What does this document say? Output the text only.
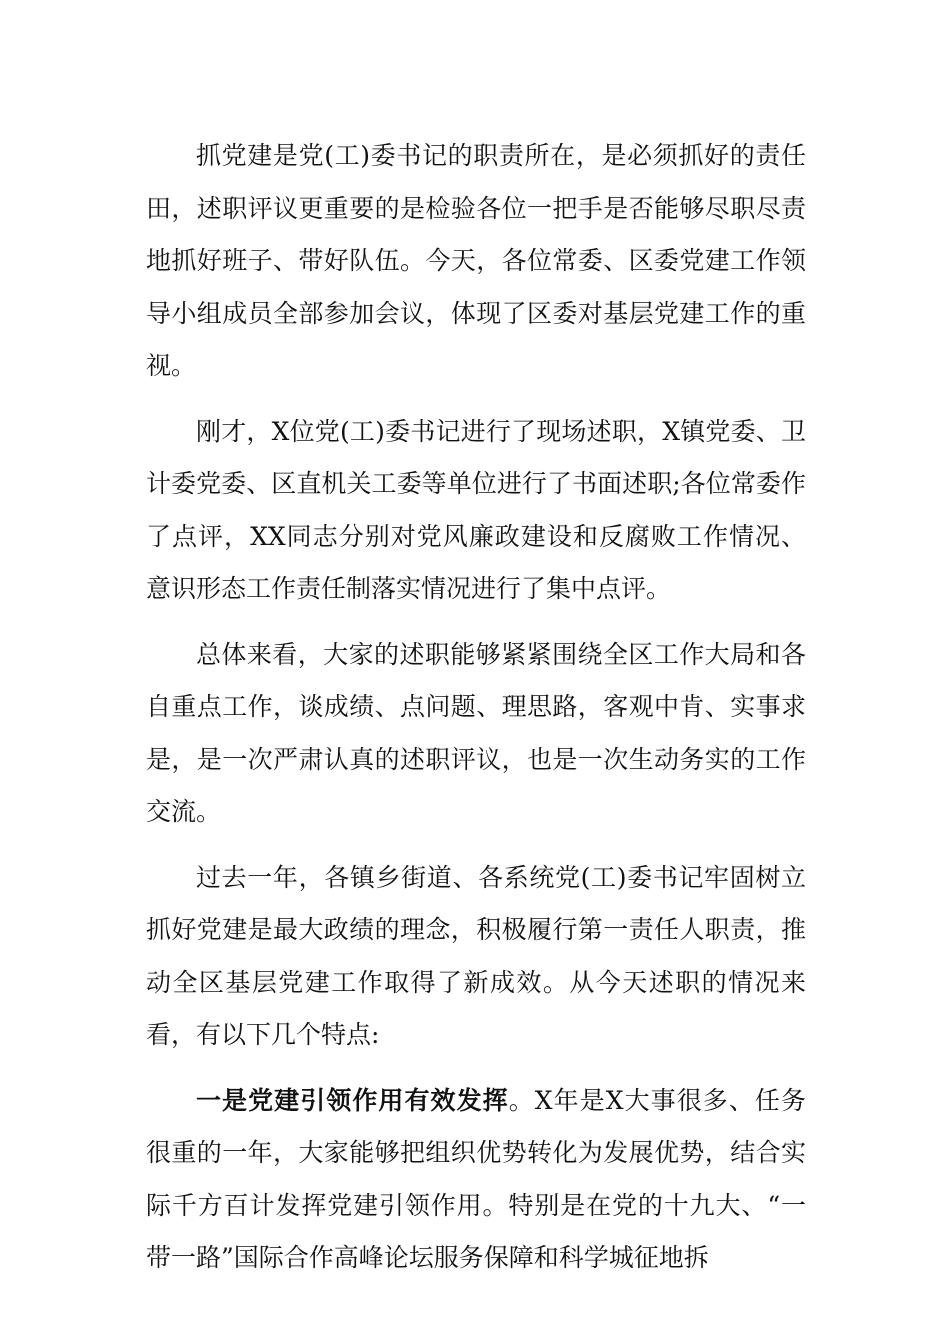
抓党建是党(工)委书记的职责所在，是必须抓好的责任田，述职评议更重要的是检验各位一把手是否能够尽职尽责地抓好班子、带好队伍。今天，各位常委、区委党建工作领导小组成员全部参加会议，体现了区委对基层党建工作的重视。

刚才，X位党(工)委书记进行了现场述职，X镇党委、卫计委党委、区直机关工委等单位进行了书面述职;各位常委作了点评，XX同志分别对党风廉政建设和反腐败工作情况、意识形态工作责任制落实情况进行了集中点评。

总体来看，大家的述职能够紧紧围绕全区工作大局和各自重点工作，谈成绩、点问题、理思路，客观中肯、实事求是，是一次严肃认真的述职评议，也是一次生动务实的工作交流。

过去一年，各镇乡街道、各系统党(工)委书记牢固树立抓好党建是最大政绩的理念，积极履行第一责任人职责，推动全区基层党建工作取得了新成效。从今天述职的情况来看，有以下几个特点:

一是党建引领作用有效发挥。X年是X大事很多、任务很重的一年，大家能够把组织优势转化为发展优势，结合实际千方百计发挥党建引领作用。特别是在党的十九大、“一带一路”国际合作高峰论坛服务保障和科学城征地拆
